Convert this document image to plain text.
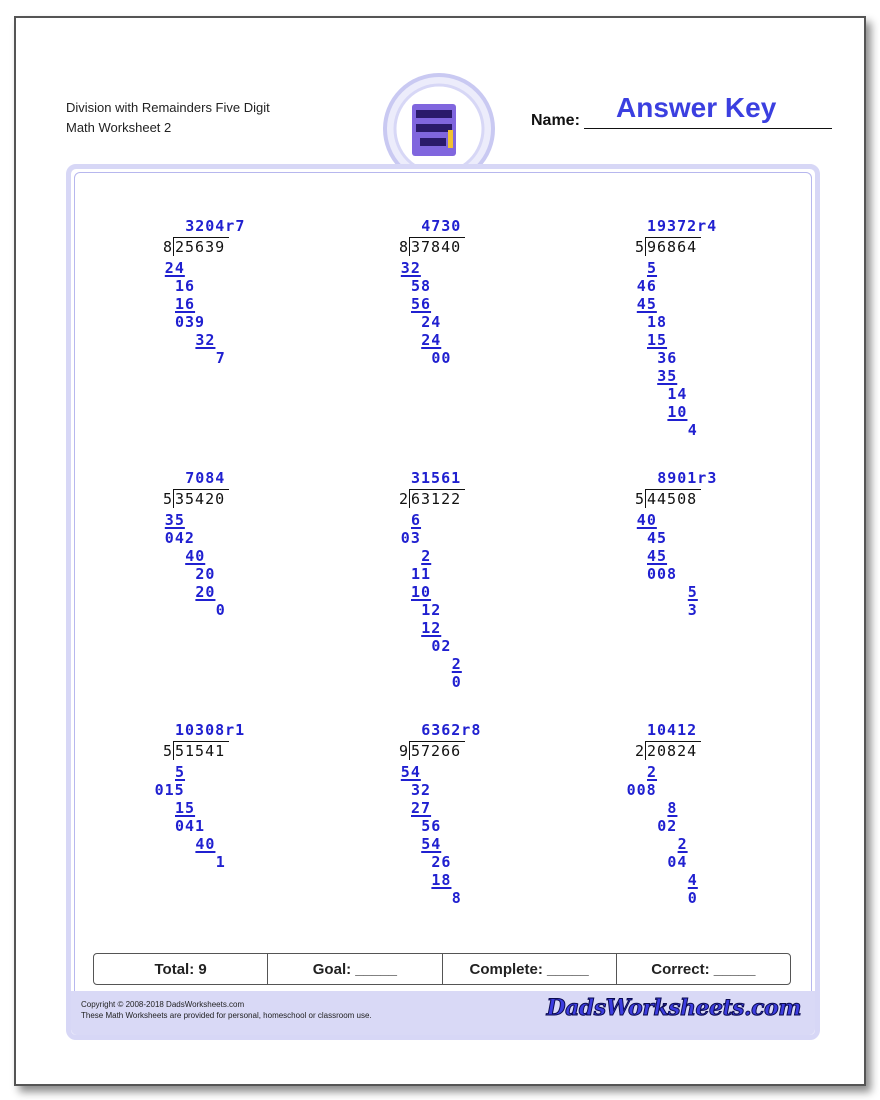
Division with Remainders Five Digit
Math Worksheet 2	Name: Answer Key
3204r7
8 25639
24
16
16
039
32
7
4730
8 37840
32
58
56
24
24
00
19372r4
5 96864
5
46
45
18
15
36
35
14
10
4
7084
5 35420
35
042
40
20
20
0
31561
2 63122
6
03
2
11
10
12
12
02
2
0
8901r3
5 44508
40
45
45
008
5
3
10308r1
5 51541
5
015
15
041
40
1
6362r8
9 57266
54
32
27
56
54
26
18
8
10412
2 20824
2
008
8
02
2
04
4
0
Total: 9	Goal: _____	Complete: _____	Correct: _____
Copyright © 2008-2018 DadsWorksheets.com
These Math Worksheets are provided for personal, homeschool or classroom use.	DadsWorksheets.com
